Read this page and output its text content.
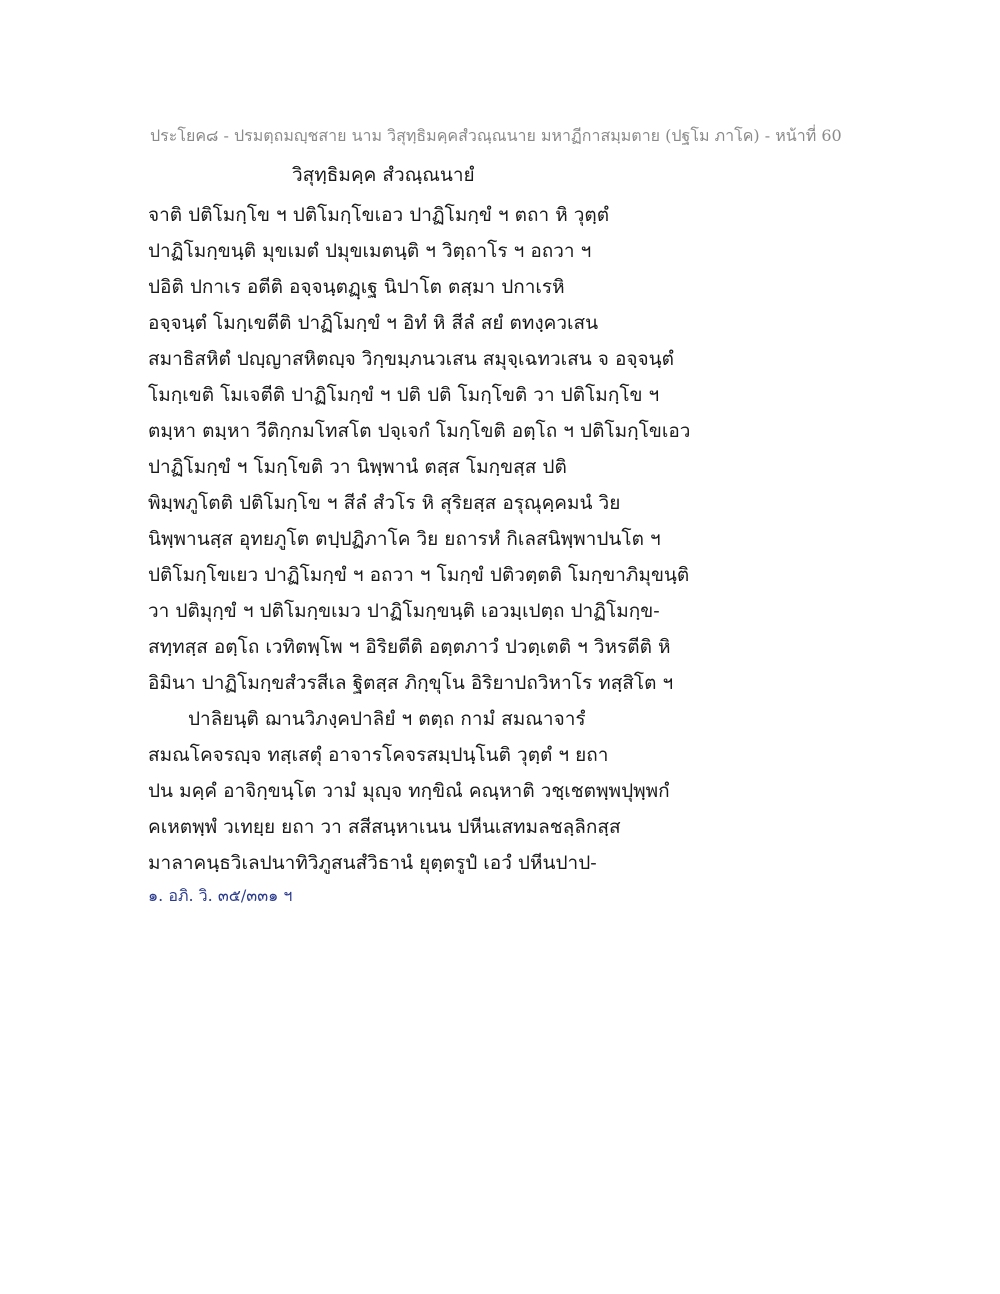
ประโยค๘ - ปรมตฺถมญฺชสาย นาม วิสุทฺธิมคฺคสํวณฺณนาย มหาฏีกาสมฺมตาย (ปฐโม ภาโค) - หน้าที่ 60
วิสุทฺธิมคฺค สํวณฺณนายํ
จาติ ปติโมกฺโข ฯ ปติโมกฺโขเอว ปาฏิโมกฺขํ ฯ ตถา หิ วุตฺตํ
ปาฏิโมกฺขนฺติ มุขเมตํ ปมุขเมตนฺติ ฯ วิตฺถาโร ฯ อถวา ฯ
ปอิติ ปกาเร อตีติ อจฺจนฺตฏฺเฐ นิปาโต ตสฺมา ปกาเรหิ
อจฺจนฺตํ โมกฺเขตีติ ปาฏิโมกฺขํ ฯ อิทํ หิ สีลํ สยํ ตทงฺควเสน
สมาธิสหิตํ ปญฺญาสหิตญฺจ วิกฺขมฺภนวเสน สมุจฺเฉทวเสน จ อจฺจนฺตํ
โมกฺเขติ โมเจตีติ ปาฏิโมกฺขํ ฯ ปติ ปติ โมกฺโขติ วา ปติโมกฺโข ฯ
ตมฺหา ตมฺหา วีติกฺกมโทสโต ปจฺเจกํ โมกฺโขติ อตฺโถ ฯ ปติโมกฺโขเอว
ปาฏิโมกฺขํ ฯ โมกฺโขติ วา นิพฺพานํ ตสฺส โมกฺขสฺส ปติ
พิมฺพภูโตติ ปติโมกฺโข ฯ สีลํ สํวโร หิ สุริยสฺส อรุณุคฺคมนํ วิย
นิพฺพานสฺส อุทยภูโต ตปฺปฏิภาโค วิย ยถารหํ กิเลสนิพฺพาปนโต ฯ
ปติโมกฺโขเยว ปาฏิโมกฺขํ ฯ อถวา ฯ โมกฺขํ ปติวตฺตติ โมกฺขาภิมุขนฺติ
วา ปติมุกฺขํ ฯ ปติโมกฺขเมว ปาฏิโมกฺขนฺติ เอวมฺเปตฺถ ปาฏิโมกฺข-
สทฺทสฺส อตฺโถ เวทิตพฺโพ ฯ อิริยตีติ อตฺตภาวํ ปวตฺเตติ ฯ วิหรตีติ หิ
อิมินา ปาฏิโมกฺขสํวรสีเล ฐิตสฺส ภิกฺขุโน อิริยาปถวิหาโร ทสฺสิโต ฯ
ปาลิยนฺติ ฌานวิภงฺคปาลิยํ ฯ ตตฺถ กามํ สมณาจารํ
สมณโคจรญฺจ ทสฺเสตุํ อาจารโคจรสมฺปนฺโนติ วุตฺตํ ฯ ยถา
ปน มคฺคํ อาจิกฺขนฺโต วามํ มุญฺจ ทกฺขิณํ คณฺหาติ วชฺเชตพฺพปุพฺพกํ
คเหตพฺพํ วเทยฺย ยถา วา สสีสนฺหาเนน ปหีนเสทมลชลฺลิกสฺส
มาลาคนฺธวิเลปนาทิวิภูสนสํวิธานํ ยุตฺตรูปํ เอวํ ปหีนปาป-
๑. อภิ. วิ. ๓๕/๓๓๑ ฯ
